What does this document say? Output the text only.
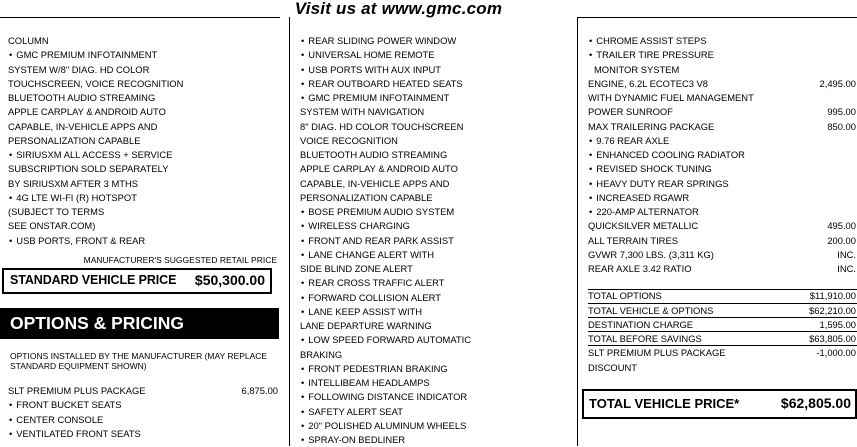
Visit us at www.gmc.com
COLUMN
• GMC PREMIUM INFOTAINMENT
SYSTEM W/8" DIAG. HD COLOR
TOUCHSCREEN, VOICE RECOGNITION
BLUETOOTH AUDIO STREAMING
APPLE CARPLAY & ANDROID AUTO
CAPABLE, IN-VEHICLE APPS AND
PERSONALIZATION CAPABLE
• SIRIUSXM ALL ACCESS + SERVICE
SUBSCRIPTION SOLD SEPARATELY
BY SIRIUSXM AFTER 3 MTHS
• 4G LTE WI-FI (R) HOTSPOT
(SUBJECT TO TERMS
SEE ONSTAR.COM)
• USB PORTS, FRONT & REAR
MANUFACTURER'S SUGGESTED RETAIL PRICE
STANDARD VEHICLE PRICE $50,300.00
OPTIONS & PRICING
OPTIONS INSTALLED BY THE MANUFACTURER (MAY REPLACE STANDARD EQUIPMENT SHOWN)
SLT PREMIUM PLUS PACKAGE	6,875.00
• FRONT BUCKET SEATS
• CENTER CONSOLE
• VENTILATED FRONT SEATS
• REAR SLIDING POWER WINDOW
• UNIVERSAL HOME REMOTE
• USB PORTS WITH AUX INPUT
• REAR OUTBOARD HEATED SEATS
• GMC PREMIUM INFOTAINMENT
SYSTEM WITH NAVIGATION
8" DIAG. HD COLOR TOUCHSCREEN
VOICE RECOGNITION
BLUETOOTH AUDIO STREAMING
APPLE CARPLAY & ANDROID AUTO
CAPABLE, IN-VEHICLE APPS AND
PERSONALIZATION CAPABLE
• BOSE PREMIUM AUDIO SYSTEM
• WIRELESS CHARGING
• FRONT AND REAR PARK ASSIST
• LANE CHANGE ALERT WITH
SIDE BLIND ZONE ALERT
• REAR CROSS TRAFFIC ALERT
• FORWARD COLLISION ALERT
• LANE KEEP ASSIST WITH
LANE DEPARTURE WARNING
• LOW SPEED FORWARD AUTOMATIC
BRAKING
• FRONT PEDESTRIAN BRAKING
• INTELLIBEAM HEADLAMPS
• FOLLOWING DISTANCE INDICATOR
• SAFETY ALERT SEAT
• 20" POLISHED ALUMINUM WHEELS
• SPRAY-ON BEDLINER
• CHROME ASSIST STEPS
• TRAILER TIRE PRESSURE
MONITOR SYSTEM
ENGINE, 6.2L ECOTEC3 V8	2,495.00
WITH DYNAMIC FUEL MANAGEMENT
POWER SUNROOF	995.00
MAX TRAILERING PACKAGE	850.00
• 9.76 REAR AXLE
• ENHANCED COOLING RADIATOR
• REVISED SHOCK TUNING
• HEAVY DUTY REAR SPRINGS
• INCREASED RGAWR
• 220-AMP ALTERNATOR
QUICKSILVER METALLIC	495.00
ALL TERRAIN TIRES	200.00
GVWR 7,300 LBS. (3,311 KG)	INC.
REAR AXLE 3.42 RATIO	INC.
TOTAL OPTIONS	$11,910.00
TOTAL VEHICLE & OPTIONS	$62,210.00
DESTINATION CHARGE	1,595.00
TOTAL BEFORE SAVINGS	$63,805.00
SLT PREMIUM PLUS PACKAGE	-1,000.00
DISCOUNT
TOTAL VEHICLE PRICE*	$62,805.00
